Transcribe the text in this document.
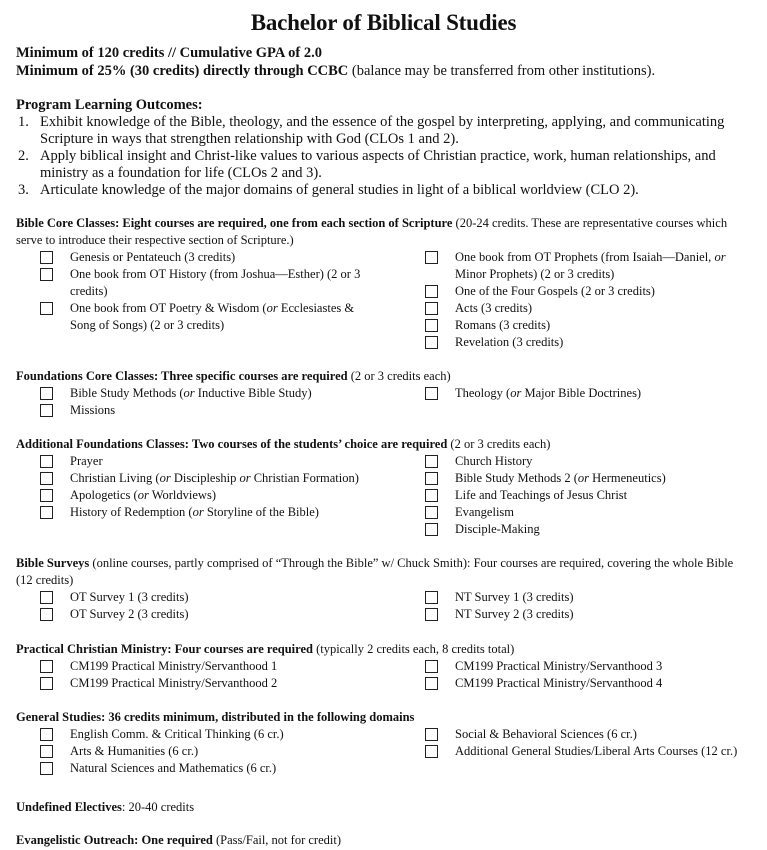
Bachelor of Biblical Studies
Minimum of 120 credits // Cumulative GPA of 2.0
Minimum of 25% (30 credits) directly through CCBC (balance may be transferred from other institutions).
Program Learning Outcomes:
1. Exhibit knowledge of the Bible, theology, and the essence of the gospel by interpreting, applying, and communicating Scripture in ways that strengthen relationship with God (CLOs 1 and 2).
2. Apply biblical insight and Christ-like values to various aspects of Christian practice, work, human relationships, and ministry as a foundation for life (CLOs 2 and 3).
3. Articulate knowledge of the major domains of general studies in light of a biblical worldview (CLO 2).
Bible Core Classes: Eight courses are required, one from each section of Scripture (20-24 credits. These are representative courses which serve to introduce their respective section of Scripture.)
Genesis or Pentateuch (3 credits)
One book from OT History (from Joshua—Esther) (2 or 3 credits)
One book from OT Poetry & Wisdom (or Ecclesiastes & Song of Songs) (2 or 3 credits)
One book from OT Prophets (from Isaiah—Daniel, or Minor Prophets) (2 or 3 credits)
One of the Four Gospels (2 or 3 credits)
Acts (3 credits)
Romans (3 credits)
Revelation (3 credits)
Foundations Core Classes: Three specific courses are required (2 or 3 credits each)
Bible Study Methods (or Inductive Bible Study)
Missions
Theology (or Major Bible Doctrines)
Additional Foundations Classes: Two courses of the students’ choice are required (2 or 3 credits each)
Prayer
Christian Living (or Discipleship or Christian Formation)
Apologetics (or Worldviews)
History of Redemption (or Storyline of the Bible)
Church History
Bible Study Methods 2 (or Hermeneutics)
Life and Teachings of Jesus Christ
Evangelism
Disciple-Making
Bible Surveys (online courses, partly comprised of “Through the Bible” w/ Chuck Smith): Four courses are required, covering the whole Bible (12 credits)
OT Survey 1 (3 credits)
OT Survey 2 (3 credits)
NT Survey 1 (3 credits)
NT Survey 2 (3 credits)
Practical Christian Ministry: Four courses are required (typically 2 credits each, 8 credits total)
CM199 Practical Ministry/Servanthood 1
CM199 Practical Ministry/Servanthood 2
CM199 Practical Ministry/Servanthood 3
CM199 Practical Ministry/Servanthood 4
General Studies: 36 credits minimum, distributed in the following domains
English Comm. & Critical Thinking (6 cr.)
Arts & Humanities (6 cr.)
Natural Sciences and Mathematics (6 cr.)
Social & Behavioral Sciences (6 cr.)
Additional General Studies/Liberal Arts Courses (12 cr.)
Undefined Electives: 20-40 credits
Evangelistic Outreach: One required (Pass/Fail, not for credit)
